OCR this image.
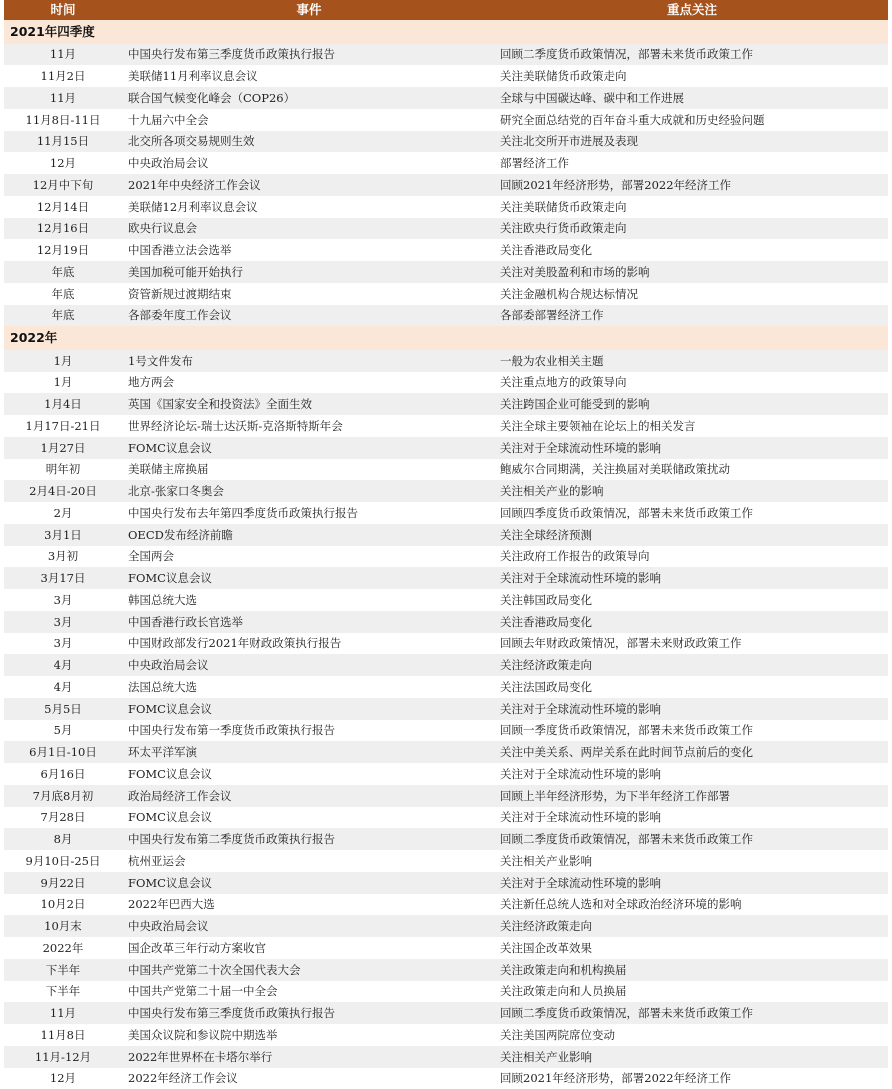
时间	事件	重点关注
2021年四季度
11月	中国央行发布第三季度货币政策执行报告	回顾二季度货币政策情况，部署未来货币政策工作
11月2日	美联储11月利率议息会议	关注美联储货币政策走向
11月	联合国气候变化峰会（COP26）	全球与中国碳达峰、碳中和工作进展
11月8日-11日	十九届六中全会	研究全面总结党的百年奋斗重大成就和历史经验问题
11月15日	北交所各项交易规则生效	关注北交所开市进展及表现
12月	中央政治局会议	部署经济工作
12月中下旬	2021年中央经济工作会议	回顾2021年经济形势，部署2022年经济工作
12月14日	美联储12月利率议息会议	关注美联储货币政策走向
12月16日	欧央行议息会	关注欧央行货币政策走向
12月19日	中国香港立法会选举	关注香港政局变化
年底	美国加税可能开始执行	关注对美股盈利和市场的影响
年底	资管新规过渡期结束	关注金融机构合规达标情况
年底	各部委年度工作会议	各部委部署经济工作
2022年
1月	1号文件发布	一般为农业相关主题
1月	地方两会	关注重点地方的政策导向
1月4日	英国《国家安全和投资法》全面生效	关注跨国企业可能受到的影响
1月17日-21日	世界经济论坛-瑞士达沃斯-克洛斯特斯年会	关注全球主要领袖在论坛上的相关发言
1月27日	FOMC议息会议	关注对于全球流动性环境的影响
明年初	美联储主席换届	鲍威尔合同期满，关注换届对美联储政策扰动
2月4日-20日	北京-张家口冬奥会	关注相关产业的影响
2月	中国央行发布去年第四季度货币政策执行报告	回顾四季度货币政策情况，部署未来货币政策工作
3月1日	OECD发布经济前瞻	关注全球经济预测
3月初	全国两会	关注政府工作报告的政策导向
3月17日	FOMC议息会议	关注对于全球流动性环境的影响
3月	韩国总统大选	关注韩国政局变化
3月	中国香港行政长官选举	关注香港政局变化
3月	中国财政部发行2021年财政政策执行报告	回顾去年财政政策情况，部署未来财政政策工作
4月	中央政治局会议	关注经济政策走向
4月	法国总统大选	关注法国政局变化
5月5日	FOMC议息会议	关注对于全球流动性环境的影响
5月	中国央行发布第一季度货币政策执行报告	回顾一季度货币政策情况，部署未来货币政策工作
6月1日-10日	环太平洋军演	关注中美关系、两岸关系在此时间节点前后的变化
6月16日	FOMC议息会议	关注对于全球流动性环境的影响
7月底8月初	政治局经济工作会议	回顾上半年经济形势，为下半年经济工作部署
7月28日	FOMC议息会议	关注对于全球流动性环境的影响
8月	中国央行发布第二季度货币政策执行报告	回顾二季度货币政策情况，部署未来货币政策工作
9月10日-25日	杭州亚运会	关注相关产业影响
9月22日	FOMC议息会议	关注对于全球流动性环境的影响
10月2日	2022年巴西大选	关注新任总统人选和对全球政治经济环境的影响
10月末	中央政治局会议	关注经济政策走向
2022年	国企改革三年行动方案收官	关注国企改革效果
下半年	中国共产党第二十次全国代表大会	关注政策走向和机构换届
下半年	中国共产党第二十届一中全会	关注政策走向和人员换届
11月	中国央行发布第三季度货币政策执行报告	回顾二季度货币政策情况，部署未来货币政策工作
11月8日	美国众议院和参议院中期选举	关注美国两院席位变动
11月-12月	2022年世界杯在卡塔尔举行	关注相关产业影响
12月	2022年经济工作会议	回顾2021年经济形势，部署2022年经济工作
